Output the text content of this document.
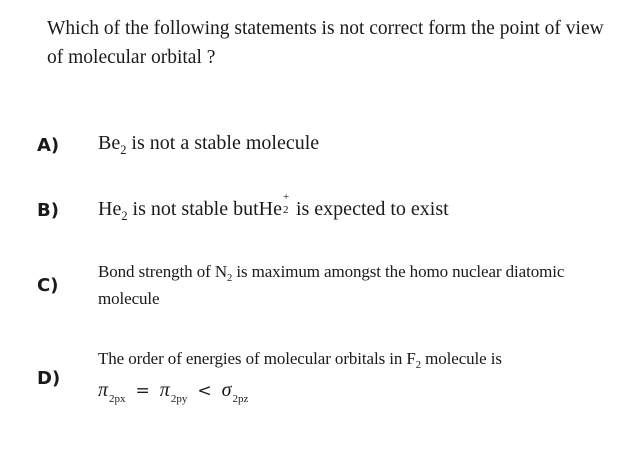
Which of the following statements is not correct form the point of view of molecular orbital ?

A) $Be_2$ is not a stable molecule

B) $He_2$ is not stable butHe
+
2 is expected to exist

C)

Bond strength of $N_2$ is maximum amongst the homo nuclear diatomic molecule

D)

The order of energies of molecular orbitals in $F_2$ molecule is

$\pi_{2px} = \pi_{2py} < \sigma_{2pz}$
